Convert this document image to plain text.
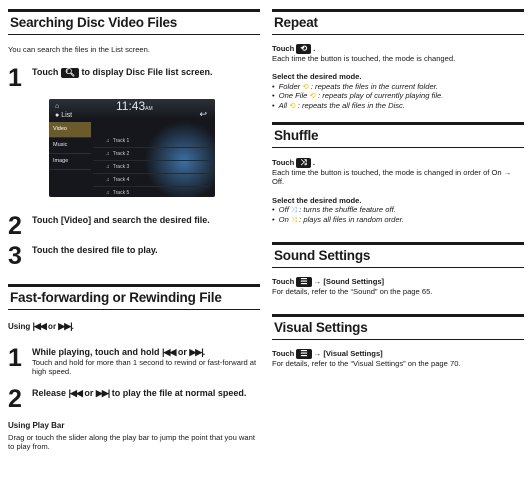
Searching Disc Video Files
You can search the files in the List screen.
1 Touch 🔍︎ to display Disc File list screen.
⌂	11:43AM	↩
● List
Video
Music
Image
♫ Track 1
♫ Track 2
♫ Track 3
♫ Track 4
♫ Track 5
2 Touch [Video] and search the desired file.
3 Touch the desired file to play.
Fast-forwarding or Rewinding File
Using |◀◀ or ▶▶|.
1 While playing, touch and hold |◀◀ or ▶▶|.
Touch and hold for more than 1 second to rewind or fast-forward at high speed.
2 Release |◀◀ or ▶▶| to play the file at normal speed.
Using Play Bar
Drag or touch the slider along the play bar to jump the point that you want to play from.
Repeat
Touch ⟲ .
Each time the button is touched, the mode is changed.
Select the desired mode.
• Folder ⟲ : repeats the files in the current folder.
• One File ⟲ : repeats play of currently playing file.
• All ⟲ : repeats the all files in the Disc.
Shuffle
Touch ⤨ .
Each time the button is touched, the mode is changed in order of On → Off.
Select the desired mode.
• Off ⤨ : turns the shuffle feature off.
• On ⤨ : plays all files in random order.
Sound Settings
Touch ☰ → [Sound Settings]
For details, refer to the “Sound” on the page 65.
Visual Settings
Touch ☰ → [Visual Settings]
For details, refer to the “Visual Settings” on the page 70.
